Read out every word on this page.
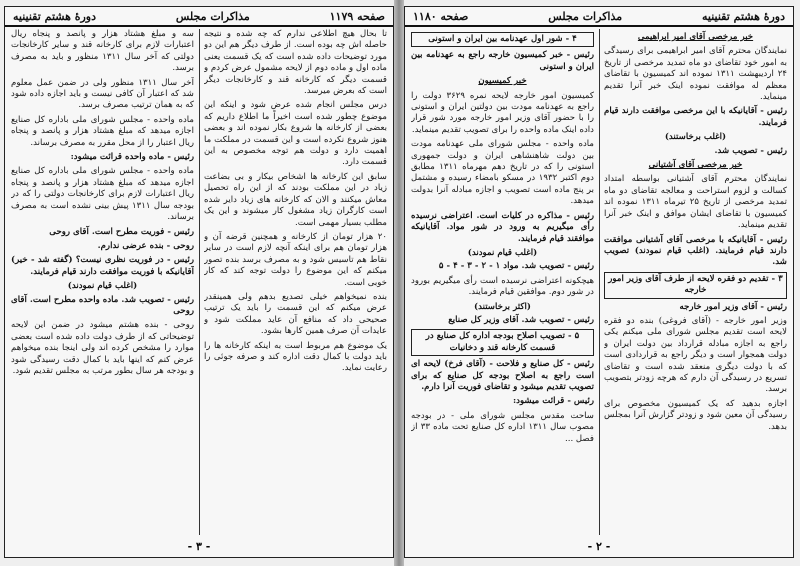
صفحه ۱۱۷۹
مذاکرات مجلس
دورهٔ هشتم تقنینیه

تا بحال هیچ اطلاعی ندارم که چه شده و نتیجه حاصله اش چه بوده است. از طرف دیگر هم این دو مورد توضیحات داده شده است که یک قسمت یعنی ماده اول و ماده دوم از لایحه مشمول عرض کردم و قسمت دیگر که کارخانه قند و کارخانجات دیگر است که بعرض میرسد.

درس مجلس انجام شده عرض شود و اینکه این موضوع چطور شده است اخیراً ما اطلاع داریم که بعضی از کارخانه ها شروع بکار نموده اند و بعضی هنوز شروع نکرده است و این قسمت در مملکت ما اهمیت دارد و دولت هم توجه مخصوص به این قسمت دارد.

سابق این کارخانه ها اشخاص بیکار و بی بضاعت زیاد در این مملکت بودند که از این راه تحصیل معاش میکنند و الان که کارخانه های زیاد دایر شده است کارگران زیاد مشغول کار میشوند و این یک مطلب بسیار مهمی است.

۲۰ هزار تومان از کارخانه و همچنین قرضه آن و هزار تومان هم برای اینکه آنچه لازم است در سایر نقاط هم تاسیس شود و به مصرف برسد بنده تصور میکنم که این موضوع را دولت توجه کند که کار خوبی است.

بنده نمیخواهم خیلی تصدیع بدهم ولی همینقدر عرض میکنم که این قسمت را باید یک ترتیب صحیحی داد که منافع آن عاید مملکت شود و عایدات آن صرف همین کارها بشود.

یک موضوع هم مربوط است به اینکه کارخانه ها را باید دولت با کمال دقت اداره کند و صرفه جوئی را رعایت نماید.

سه و مبلغ هشتاد هزار و پانصد و پنجاه ریال اعتبارات لازم برای کارخانه قند و سایر کارخانجات دولتی که آخر سال ۱۳۱۱ منظور و باید به مصرف برسد.

آخر سال ۱۳۱۱ منظور ولی در ضمن عمل معلوم شد که اعتبار آن کافی نیست و باید اجازه داده شود که به همان ترتیب مصرف برسد.

ماده واحده - مجلس شورای ملی باداره کل صنایع اجازه میدهد که مبلغ هشتاد هزار و پانصد و پنجاه ریال اعتبار را از محل مقرر به مصرف برساند.

رئیس - ماده واحده قرائت میشود:

ماده واحده - مجلس شورای ملی باداره کل صنایع اجازه میدهد که مبلغ هشتاد هزار و پانصد و پنجاه ریال اعتبارات لازم برای کارخانجات دولتی را که در بودجه سال ۱۳۱۱ پیش بینی نشده است به مصرف برساند.

رئیس - فوریت مطرح است. آقای روحی

روحی - بنده عرضی ندارم.

رئیس - در فوریت نظری نیست؟ (گفته شد - خیر) آقایانیکه با فوریت موافقت دارند قیام فرمایند.

(اغلب قیام نمودند)

رئیس - تصویب شد. ماده واحده مطرح است. آقای روحی

روحی - بنده هشتم میشود در ضمن این لایحه توضیحاتی که از طرف دولت داده شده است بعضی موارد را مشخص کرده اند ولی اینجا بنده میخواهم عرض کنم که اینها باید با کمال دقت رسیدگی شود و بودجه هر سال بطور مرتب به مجلس تقدیم شود.

- ۳ -
دورهٔ هشتم تقنینیه
مذاکرات مجلس
صفحه ۱۱۸۰

خبر مرخصی آقای امیر ابراهیمی

نمایندگان محترم آقای امیر ابراهیمی برای رسیدگی به امور خود تقاضای دو ماه تمدید مرخصی از تاریخ ۲۴ اردیبهشت ۱۳۱۱ نموده اند کمیسیون با تقاضای معظم له موافقت نموده اینک خبر آنرا تقدیم مینماید.

رئیس - آقایانیکه با این مرخصی موافقت دارند قیام فرمایند.

(اغلب برخاستند)

رئیس - تصویب شد.

خبر مرخصی آقای آشتیانی

نمایندگان محترم آقای آشتیانی بواسطه امتداد کسالت و لزوم استراحت و معالجه تقاضای دو ماه تمدید مرخصی از تاریخ ۲۵ تیرماه ۱۳۱۱ نموده اند کمیسیون با تقاضای ایشان موافق و اینک خبر آنرا تقدیم مینماید.

رئیس - آقایانیکه با مرخصی آقای آشتیانی موافقت دارند قیام فرمایند. (اغلب قیام نمودند) تصویب شد.

۳ - تقدیم دو فقره لایحه از طرف آقای وزیر امور خارجه

رئیس - آقای وزیر امور خارجه

وزیر امور خارجه - (آقای فروغی) بنده دو فقره لایحه است تقدیم مجلس شورای ملی میکنم یکی راجع به اجازه مبادله قرارداد بین دولت ایران و دولت همجوار است و دیگر راجع به قراردادی است که با دولت دیگری منعقد شده است و تقاضای تسریع در رسیدگی آن دارم که هرچه زودتر بتصویب برسد.

اجازه بدهید که یک کمیسیون مخصوص برای رسیدگی آن معین شود و زودتر گزارش آنرا بمجلس بدهد.

۴ - شور اول عهدنامه بین ایران و استونی

رئیس - خبر کمیسیون خارجه راجع به عهدنامه بین ایران و استونی

خبر کمیسیون

کمیسیون امور خارجه لایحه نمره ۳۶۲۹ دولت را راجع به عهدنامه مودت بین دولتین ایران و استونی را با حضور آقای وزیر امور خارجه مورد شور قرار داده اینک ماده واحده را برای تصویب تقدیم مینماید.

ماده واحده - مجلس شورای ملی عهدنامه مودت بین دولت شاهنشاهی ایران و دولت جمهوری استونی را که در تاریخ دهم مهرماه ۱۳۱۱ مطابق دوم اکتبر ۱۹۳۲ در مسکو بامضاء رسیده و مشتمل بر پنج ماده است تصویب و اجازه مبادله آنرا بدولت میدهد.

رئیس - مذاکره در کلیات است. اعتراضی نرسیده رأی میگیریم به ورود در شور مواد. آقایانیکه موافقند قیام فرمایند.

(اغلب قیام نمودند)

رئیس - تصویب شد. مواد ۱ - ۲ - ۳ - ۴ - ۵

هیچکونه اعتراضی نرسیده است رأی میگیریم بورود در شور دوم. موافقین قیام فرمایند.

(اکثر برخاستند)

رئیس - تصویب شد. آقای وزیر کل صنایع

۵ - تصویب اصلاح بودجه اداره کل صنایع در قسمت کارخانه قند و دخانیات

رئیس - کل صنایع و فلاحت - (آقای فرخ) لایحه ای است راجع به اصلاح بودجه کل صنایع که برای تصویب تقدیم میشود و تقاضای فوریت آنرا دارم.

رئیس - قرائت میشود:

ساحت مقدس مجلس شورای ملی - در بودجه مصوب سال ۱۳۱۱ اداره کل صنایع تحت ماده ۳۳ از فصل ...

- ۲ -
